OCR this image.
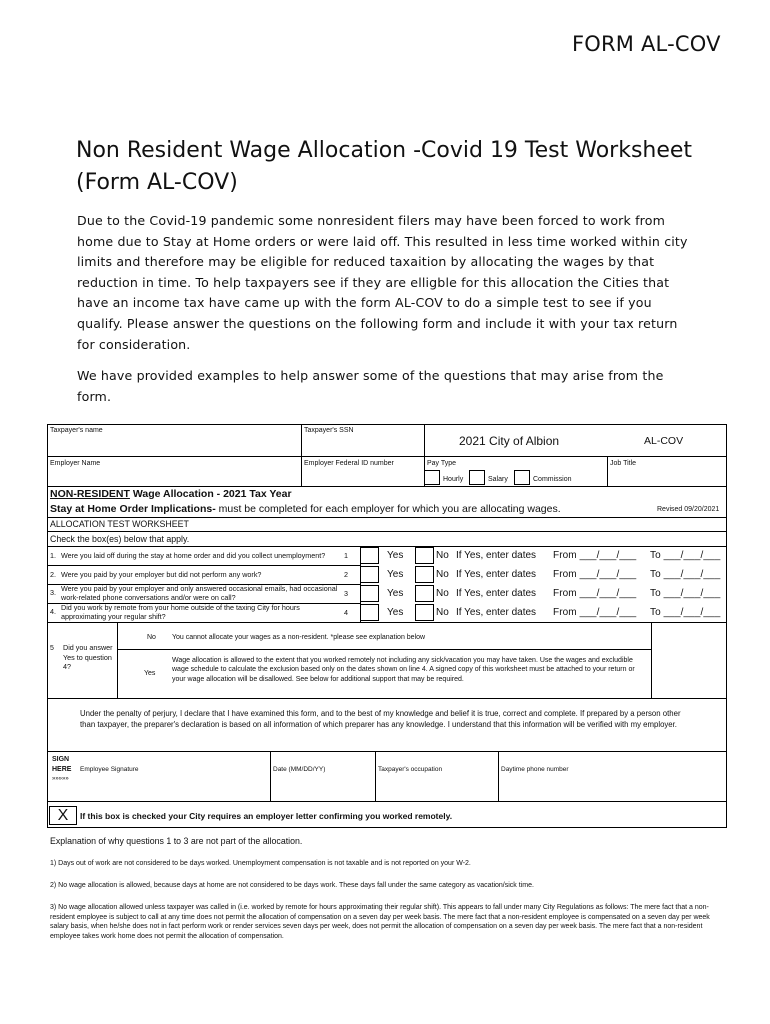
FORM AL-COV
Non Resident Wage Allocation -Covid 19 Test Worksheet (Form AL-COV)
Due to the Covid-19 pandemic some nonresident filers may have been forced to work from home due to Stay at Home orders or were laid off. This resulted in less time worked within city limits and therefore may be eligible for reduced taxaition by allocating the wages by that reduction in time. To help taxpayers see if they are elligble for this allocation the Cities that have an income tax have came up with the form AL-COV to do a simple test to see if you qualify. Please answer the questions on the following form and include it with your tax return for consideration.
We have provided examples to help answer some of the questions that may arise from the form.
Taxpayer's name	Taxpayer's SSN
2021 City of Albion	AL-COV
Employer Name	Employer Federal ID number	Pay Type
Hourly	Salary	Commission
Job Title
NON-RESIDENT Wage Allocation - 2021 Tax Year
Stay at Home Order Implications- must be completed for each employer for which you are allocating wages.	Revised 09/20/2021
ALLOCATION TEST WORKSHEET
Check the box(es) below that apply.
1. Were you laid off during the stay at home order and did you collect unemployment?	1	Yes	No If Yes, enter dates From ___/___/___ To ___/___/___
2. Were you paid by your employer but did not perform any work?	2	Yes	No If Yes, enter dates From ___/___/___ To ___/___/___
3. Were you paid by your employer and only answered occasional emails, had occasional work-related phone conversations and/or were on call?	3	Yes	No If Yes, enter dates From ___/___/___ To ___/___/___
4. Did you work by remote from your home outside of the taxing City for hours approximating your regular shift?	4	Yes	No If Yes, enter dates From ___/___/___ To ___/___/___
5 Did you answer Yes to question 4?
No You cannot allocate your wages as a non-resident. *please see explanation below
Yes
Wage allocation is allowed to the extent that you worked remotely not including any sick/vacation you may have taken. Use the wages and excludible wage schedule to calculate the exclusion based only on the dates shown on line 4. A signed copy of this worksheet must be attached to your return or your wage allocation will be disallowed. See below for additional support that may be required.
Under the penalty of perjury, I declare that I have examined this form, and to the best of my knowledge and belief it is true, correct and complete. If prepared by a person other than taxpayer, the preparer's declaration is based on all information of which preparer has any knowledge. I understand that this information will be verified with my employer.
SIGN
HERE
»»»»»
Employee Signature	Date (MM/DD/YY)	Taxpayer's occupation	Daytime phone number
X	If this box is checked your City requires an employer letter confirming you worked remotely.
Explanation of why questions 1 to 3 are not part of the allocation.
1) Days out of work are not considered to be days worked. Unemployment compensation is not taxable and is not reported on your W-2.
2) No wage allocation is allowed, because days at home are not considered to be days work. These days fall under the same category as vacation/sick time.
3) No wage allocation allowed unless taxpayer was called in (i.e. worked by remote for hours approximating their regular shift). This appears to fall under many City Regulations as follows: The mere fact that a non-resident employee is subject to call at any time does not permit the allocation of compensation on a seven day per week basis. The mere fact that a non-resident employee is compensated on a seven day per week salary basis, when he/she does not in fact perform work or render services seven days per week, does not permit the allocation of compensation on a seven day per week basis. The mere fact that a non-resident employee takes work home does not permit the allocation of compensation.
